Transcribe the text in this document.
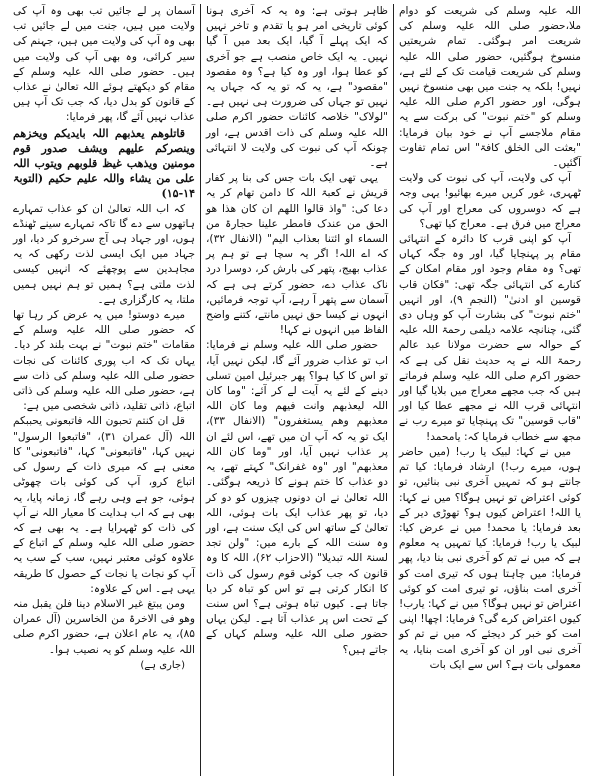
اللہ علیہ وسلم کی شریعت کو دوام ملا،حضور صلی اللہ علیہ وسلم کی شریعت امر ہوگئی۔ تمام شریعتیں منسوخ ہوگئیں، حضور صلی اللہ علیہ وسلم کی شریعت قیامت تک کے لئے ہے، نہیں! بلکہ یہ جنت میں بھی منسوخ نہیں ہوگی، اور حضور اکرم صلی اللہ علیہ وسلم کو "ختم نبوت" کی برکت سے یہ مقام ملاجسے آپ نے خود بیان فرمایا: "بعثت الی الخلق کافۃ" اس تمام تفاوت آگئیں۔

آپ کی ولایت، آپ کی نبوت کی ولایت ٹھہری، غور کریں میرے بھائیو! یہی وجہ ہے کہ دوسروں کی معراج اور آپ کی معراج میں فرق ہے۔ معراج کیا تھی؟

آپ کو اپنی قرب کا دائرہ کے انتہائی مقام پر پہنچایا گیا، اور وہ جگہ کہاں تھی؟ وہ مقام وجود اور مقام امکان کے کنارے کی انتہائی جگہ تھی: "فکان قاب قوسین او ادنیٰ" (النجم ۹)، اور انہیں "ختم نبوت" کی بشارت آپ کو وہاں دی گئی، چنانچہ علامہ دیلمی رحمۃ اللہ علیہ کے حوالہ سے حضرت مولانا عبد عالم رحمۃ اللہ نے یہ حدیث نقل کی ہے کہ حضور اکرم صلی اللہ علیہ وسلم فرماتے ہیں کہ جب مجھے معراج میں بلایا گیا اور انتہائی قرب اللہ نے مجھے عطا کیا اور "قاب قوسین" تک پہنچایا تو میرے رب نے مجھ سے خطاب فرمایا کہ: یامحمد!

میں نے کہا: لبیک یا رب! (میں حاضر ہوں، میرے رب!) ارشاد فرمایا: کیا تم جانتے ہو کہ تمہیں آخری نبی بنائیں، تو کوئی اعتراض تو نہیں ہوگا؟ میں نے کہا: یا اللہ! اعتراض کیوں ہو؟ تھوڑی دیر کے بعد فرمایا: یا محمد! میں نے عرض کیا: لبیک یا رب! فرمایا: کیا تمہیں یہ معلوم ہے کہ میں نے تم کو آخری نبی بنا دیا، پھر فرمایا: میں چاہتا ہوں کہ تیری امت کو آخری امت بناؤں، تو تیری امت کو کوئی اعتراض تو نہیں ہوگا؟ میں نے کہا: یارب! کیوں اعتراض کرے گی؟ فرمایا: اچھا! اپنی امت کو خبر کر دیجئے کہ میں نے تم کو آخری نبی اور ان کو آخری امت بنایا، یہ معمولی بات ہے؟ اس سے ایک بات

ظاہر ہوتی ہے: وہ یہ کہ آخری ہونا کوئی تاریخی امر ہو یا تقدم و تاخر نہیں کہ ایک پہلے آ گیا، ایک بعد میں آ گیا نہیں۔ یہ ایک خاص منصب ہے جو آخری کو عطا ہوا، اور وہ کیا ہے؟ وہ مقصود "مقصود" ہے، یہ کہ تو یہ کہ جہاں یہ نہیں تو جہاں کی ضرورت ہی نہیں ہے۔ "لولاک" خلاصہ کائنات حضور اکرم صلی اللہ علیہ وسلم کی ذات اقدس ہے، اور چونکہ آپ کی نبوت کی ولایت لا انتہائی ہے۔

یہی تھی ایک بات جس کی بنا پر کفار قریش نے کعبۃ اللہ کا دامن تھام کر یہ دعا کی: "واذ قالوا اللھم ان کان ھذا ھو الحق من عندک فامطر علینا حجارۃ من السماء او ائتنا بعذاب الیم" (الانفال ۳۲)، کہ اے اللہ! اگر یہ سچا ہے تو ہم پر عذاب بھیج، پتھر کی بارش کر، دوسرا درد ناک عذاب دے، حضور کرتے ہی ہے کہ آسمان سے پتھر آ رہے، آپ توجہ فرمائیں، انہوں نے کیسا حق نہیں مانتے، کتنے واضح الفاظ میں انہوں نے کہا!

حضور صلی اللہ علیہ وسلم نے فرمایا: اب تو عذاب ضرور آئے گا، لیکن نہیں آیا، تو اس کا کیا ہوا؟ پھر جبرئیل امین تسلی دینے کے لئے یہ آیت لے کر آئے: "وما کان اللہ لیعذبھم وانت فیھم وما کان اللہ معذبھم وھم یستغفرون" (الانفال ۳۳)، ایک تو یہ کہ آپ ان میں تھے، اس لئے ان پر عذاب نہیں آیا، اور "وما کان اللہ معذبھم" اور "وہ غفرانک" کہتے تھے، یہ دو عذاب کا ختم ہونے کا ذریعہ ہوگئی۔ اللہ تعالیٰ نے ان دونوں چیزوں کو دو کر دیا، تو پھر عذاب ایک بات ہوئی، اللہ تعالیٰ کے ساتھ اس کی ایک سنت ہے، اور وہ سنت اللہ کے بارے میں: "ولن تجد لسنۃ اللہ تبدیلا" (الاحزاب ۶۲)، اللہ کا وہ قانون کہ جب کوئی قوم رسول کی ذات کا انکار کرتی ہے تو اس کو تباہ کر دیا جاتا ہے۔ کیوں تباہ ہوتی ہے؟ اس سنت کے تحت اس پر عذاب آتا ہے۔ لیکن یہاں حضور صلی اللہ علیہ وسلم کہاں کے جاتے ہیں؟

آسمان پر لے جائیں تب بھی وہ آپ کی ولایت میں ہیں، جنت میں لے جائیں تب بھی وہ آپ کی ولایت میں ہیں، جہنم کی سیر کرائی، وہ بھی آپ کی ولایت میں ہیں۔ حضور صلی اللہ علیہ وسلم کے مقام کو دیکھتے ہوئے اللہ تعالیٰ نے عذاب کے قانون کو بدل دیا، کہ جب تک آپ ہیں عذاب نہیں آئے گا، پھر فرمایا:

قاتلوھم یعذبھم اللہ بایدیکم ویخزھم وینصرکم علیھم ویشف صدور قوم مومنین ویذھب غیظ قلوبھم ویتوب اللہ علی من یشاء واللہ علیم حکیم (التوبۃ ۱۴-۱۵)

کہ اب اللہ تعالیٰ ان کو عذاب تمہارے ہاتھوں سے دے گا تاکہ تمہارے سینے ٹھنڈے ہوں، اور جہاد ہی آج سرخرو کر دیا، اور جہاد میں ایک ایسی لذت رکھی کہ یہ مجاہدین سے پوچھئے کہ انہیں کیسی لذت ملتی ہے؟ ہمیں تو ہم نہیں ہمیں ملتا، یہ کارگزاری ہے۔

میرے دوستو! میں یہ عرض کر رہا تھا کہ حضور صلی اللہ علیہ وسلم کے مقامات "ختم نبوت" نے بہت بلند کر دیا۔ یہاں تک کہ اب پوری کائنات کی نجات حضور صلی اللہ علیہ وسلم کی ذات سے ہے، حضور صلی اللہ علیہ وسلم کی ذاتی اتباع، ذاتی تقلید، ذاتی شخصی میں ہے:

قل ان کنتم تحبون اللہ فاتبعونی یحببکم اللہ (آل عمران ۳۱)، "فاتبعوا الرسول" نہیں کہا، "فاتبعونی" کہا، "فاتبعونی" کا معنی ہے کہ میری ذات کے رسول کی اتباع کرو، آپ کی کوئی بات چھوٹی ہوئی، جو ہے وہی رہے گا، زمانہ پایا، یہ بھی ہے کہ اب ہدایت کا معیار اللہ نے آپ کی ذات کو ٹھہرایا ہے۔ یہ بھی ہے کہ حضور صلی اللہ علیہ وسلم کے اتباع کے علاوہ کوئی معتبر نہیں، سب کے سب یہ آپ کو نجات یا نجات کے حصول کا طریقہ یہی ہے۔ اس کے علاوہ:

ومن یبتغ غیر الاسلام دینا فلن یقبل منہ وھو فی الاخرۃ من الخاسرین (آل عمران ۸۵)، یہ عام اعلان ہے، حضور اکرم صلی اللہ علیہ وسلم کو یہ نصیب ہوا۔

(جاری ہے)
